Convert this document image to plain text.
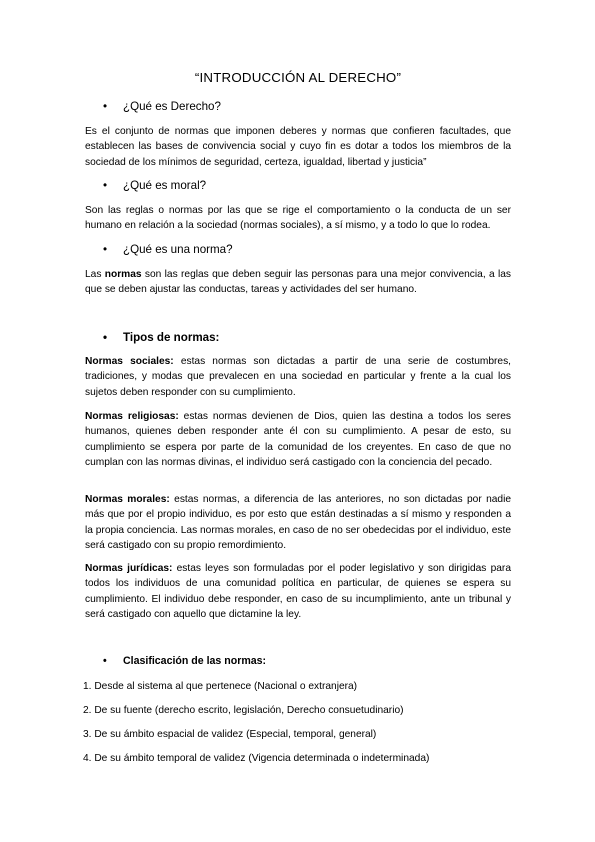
“INTRODUCCIÓN AL DERECHO”
• ¿Qué es Derecho?
Es el conjunto de normas que imponen deberes y normas que confieren facultades, que establecen las bases de convivencia social y cuyo fin es dotar a todos los miembros de la sociedad de los mínimos de seguridad, certeza, igualdad, libertad y justicia”
• ¿Qué es moral?
Son las reglas o normas por las que se rige el comportamiento o la conducta de un ser humano en relación a la sociedad (normas sociales), a sí mismo, y a todo lo que lo rodea.
• ¿Qué es una norma?
Las normas son las reglas que deben seguir las personas para una mejor convivencia, a las que se deben ajustar las conductas, tareas y actividades del ser humano.
• Tipos de normas:
Normas sociales: estas normas son dictadas a partir de una serie de costumbres, tradiciones, y modas que prevalecen en una sociedad en particular y frente a la cual los sujetos deben responder con su cumplimiento.
Normas religiosas: estas normas devienen de Dios, quien las destina a todos los seres humanos, quienes deben responder ante él con su cumplimiento. A pesar de esto, su cumplimiento se espera por parte de la comunidad de los creyentes. En caso de que no cumplan con las normas divinas, el individuo será castigado con la conciencia del pecado.
Normas morales: estas normas, a diferencia de las anteriores, no son dictadas por nadie más que por el propio individuo, es por esto que están destinadas a sí mismo y responden a la propia conciencia. Las normas morales, en caso de no ser obedecidas por el individuo, este será castigado con su propio remordimiento.
Normas jurídicas: estas leyes son formuladas por el poder legislativo y son dirigidas para todos los individuos de una comunidad política en particular, de quienes se espera su cumplimiento. El individuo debe responder, en caso de su incumplimiento, ante un tribunal y será castigado con aquello que dictamine la ley.
• Clasificación de las normas:
1. Desde al sistema al que pertenece (Nacional o extranjera)
2. De su fuente (derecho escrito, legislación, Derecho consuetudinario)
3. De su ámbito espacial de validez (Especial, temporal, general)
4. De su ámbito temporal de validez (Vigencia determinada o indeterminada)
